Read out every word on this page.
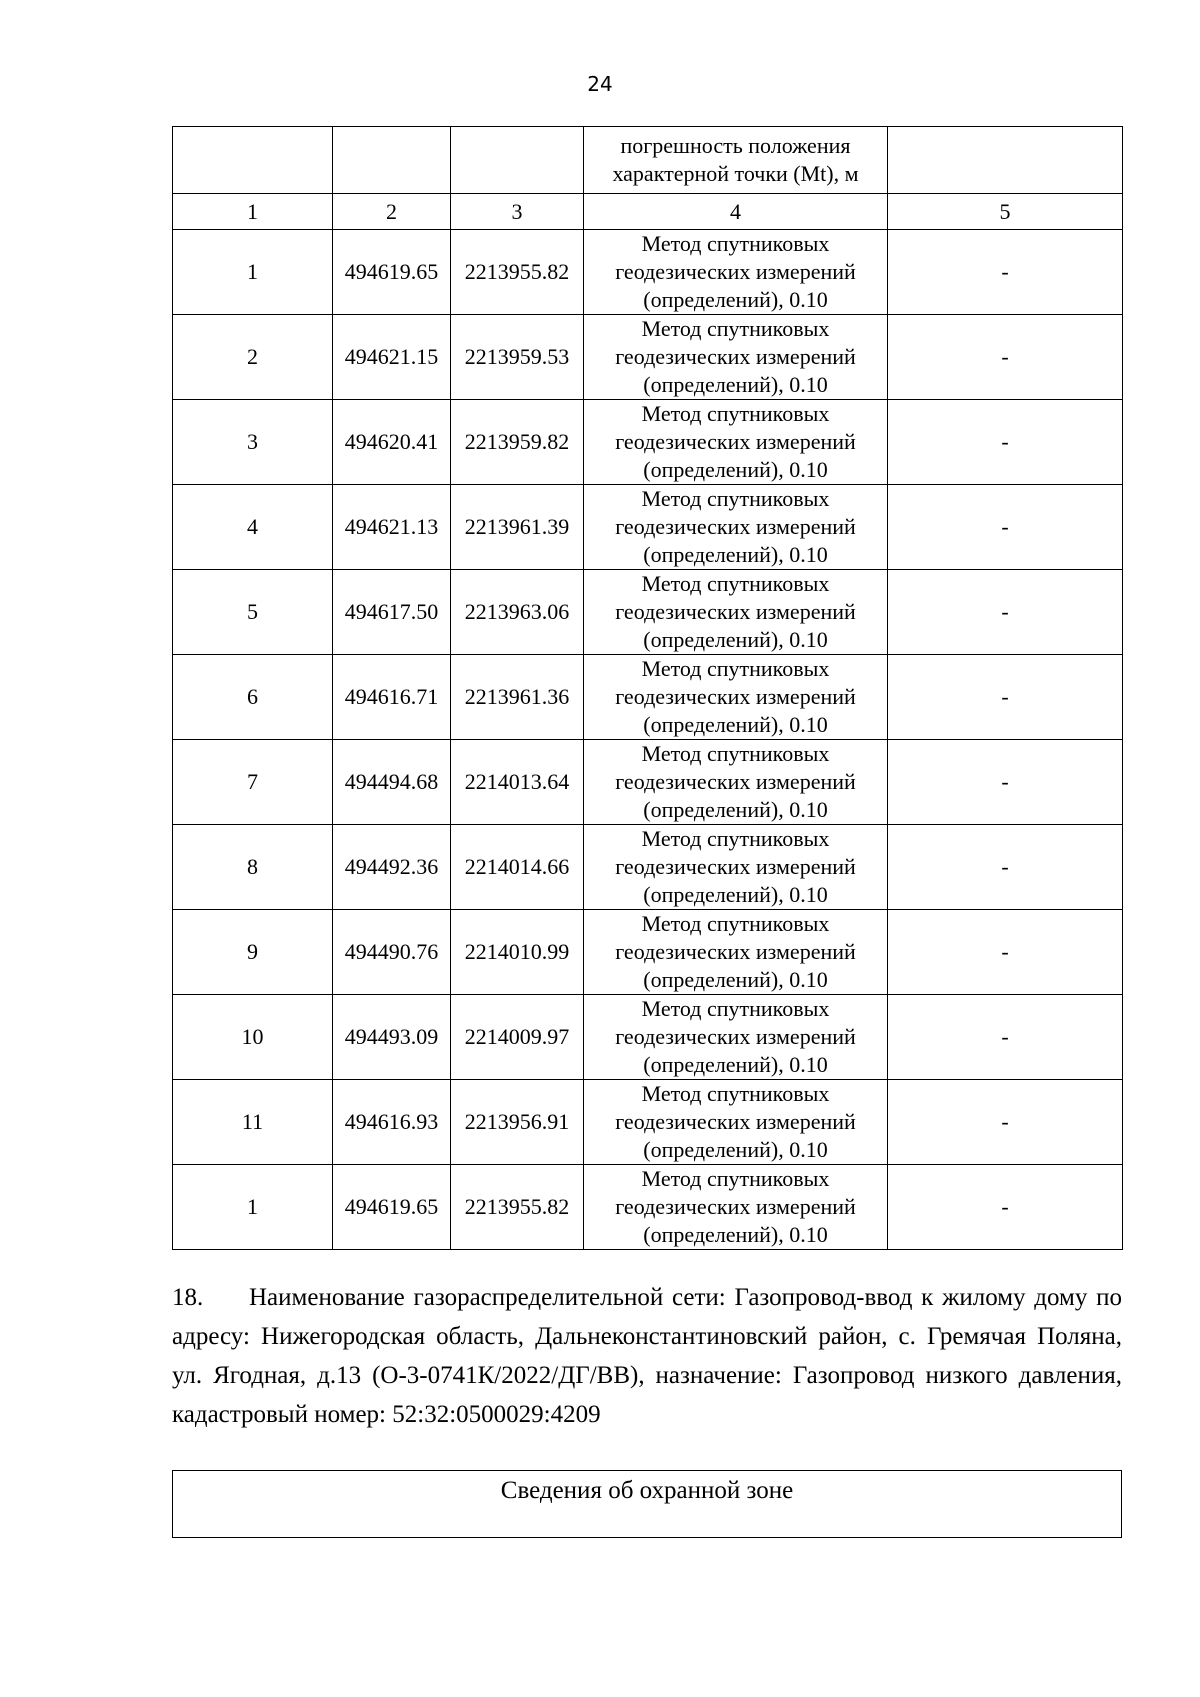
24
			погрешность положения характерной точки (Mt), м	
1	2	3	4	5
1	494619.65	2213955.82	Метод спутниковых
геодезических измерений
(определений), 0.10	-
2	494621.15	2213959.53	Метод спутниковых
геодезических измерений
(определений), 0.10	-
3	494620.41	2213959.82	Метод спутниковых
геодезических измерений
(определений), 0.10	-
4	494621.13	2213961.39	Метод спутниковых
геодезических измерений
(определений), 0.10	-
5	494617.50	2213963.06	Метод спутниковых
геодезических измерений
(определений), 0.10	-
6	494616.71	2213961.36	Метод спутниковых
геодезических измерений
(определений), 0.10	-
7	494494.68	2214013.64	Метод спутниковых
геодезических измерений
(определений), 0.10	-
8	494492.36	2214014.66	Метод спутниковых
геодезических измерений
(определений), 0.10	-
9	494490.76	2214010.99	Метод спутниковых
геодезических измерений
(определений), 0.10	-
10	494493.09	2214009.97	Метод спутниковых
геодезических измерений
(определений), 0.10	-
11	494616.93	2213956.91	Метод спутниковых
геодезических измерений
(определений), 0.10	-
1	494619.65	2213955.82	Метод спутниковых
геодезических измерений
(определений), 0.10	-

18. Наименование газораспределительной сети: Газопровод-ввод к жилому дому по адресу: Нижегородская область, Дальнеконстантиновский район, с. Гремячая Поляна, ул. Ягодная, д.13 (О-3-0741К/2022/ДГ/ВВ), назначение: Газопровод низкого давления, кадастровый номер: 52:32:0500029:4209

Сведения об охранной зоне
